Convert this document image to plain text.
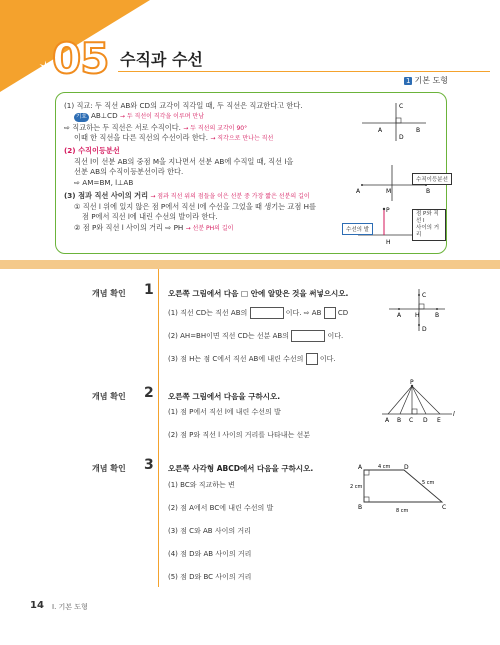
✶
05 수직과 수선
1 기본 도형
(1) 직교: 두 직선 AB와 CD의 교각이 직각일 때, 두 직선은 직교한다고 한다.
기호 AB⊥CD → 두 직선이 직각을 이루며 만남
⇨ 직교하는 두 직선은 서로 수직이다. → 두 직선의 교각이 90°
이때 한 직선을 다른 직선의 수선이라 한다. → 직각으로 만나는 직선
(2) 수직이등분선
직선 l이 선분 AB의 중점 M을 지나면서 선분 AB에 수직일 때, 직선 l을
선분 AB의 수직이등분선이라 한다.
⇨ AM=BM, l⊥AB
(3) 점과 직선 사이의 거리 → 점과 직선 위의 점들을 이은 선분 중 가장 짧은 선분의 길이
① 직선 l 위에 있지 않은 점 P에서 직선 l에 수선을 그었을 때 생기는 교점 H를
점 P에서 직선 l에 내린 수선의 발이라 한다.
② 점 P와 직선 l 사이의 거리 ⇨ PH → 선분 PH의 길이
A	B
C
D
A	B
M
P
H
수직이등분선
점 P와 직선 l
사이의 거리
수선의 발
개념 확인 1 오른쪽 그림에서 다음 □ 안에 알맞은 것을 써넣으시오.
(1) 직선 CD는 직선 AB의	이다. ⇨ AB CD
(2) AH=BH이면 직선 CD는 선분 AB의	이다.
(3) 점 H는 점 C에서 직선 AB에 내린 수선의 이다.
A	B
C
D
H
개념 확인 2 오른쪽 그림에서 다음을 구하시오.
(1) 점 P에서 직선 l에 내린 수선의 발
(2) 점 P와 직선 l 사이의 거리를 나타내는 선분
P
A B C D E
l
개념 확인 3 오른쪽 사각형 ABCD에서 다음을 구하시오.
(1) BC와 직교하는 변
(2) 점 A에서 BC에 내린 수선의 발
(3) 점 C와 AB 사이의 거리
(4) 점 D와 AB 사이의 거리
(5) 점 D와 BC 사이의 거리
A
B	C
D
4 cm
2 cm
5 cm
8 cm
14 I. 기본 도형
